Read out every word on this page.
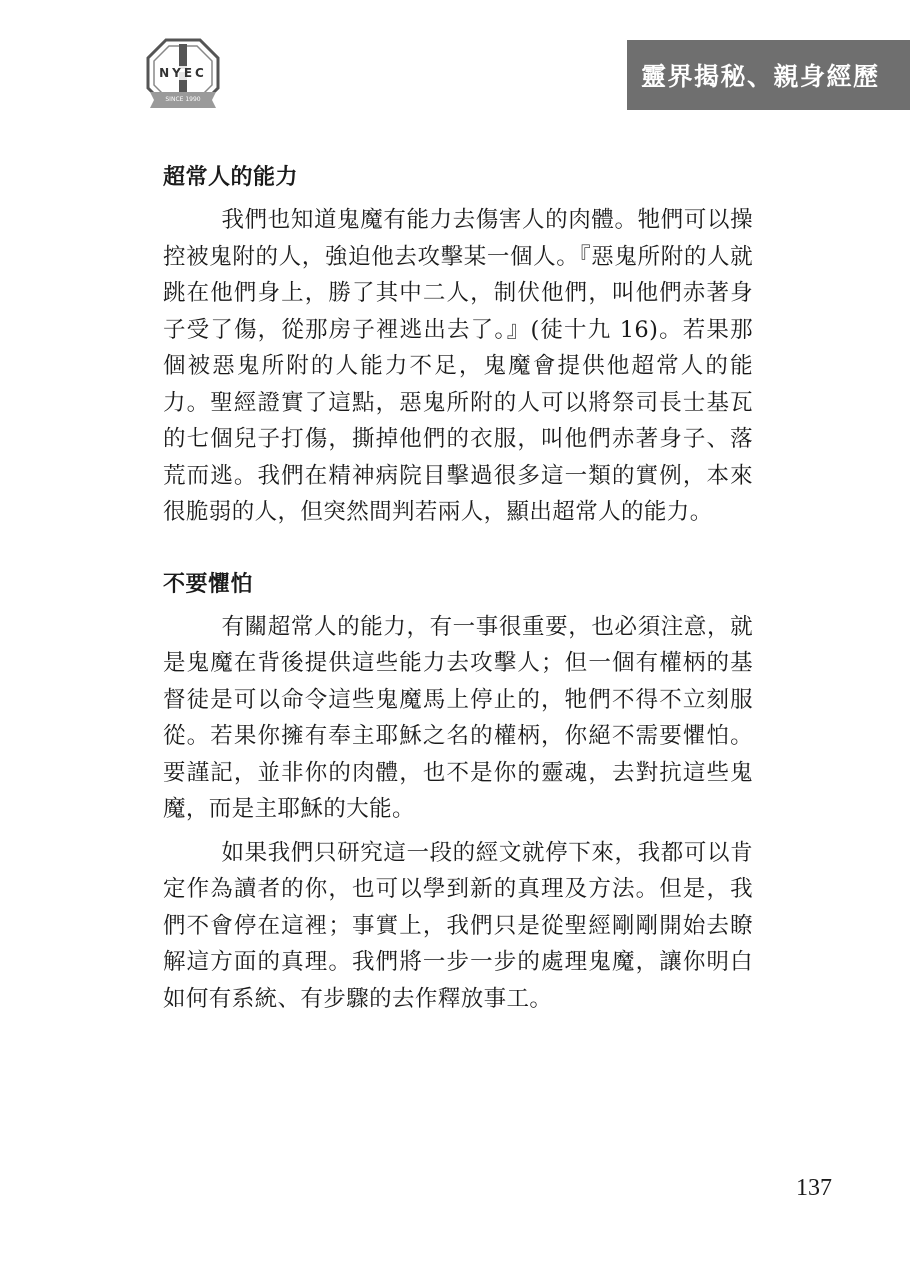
NYEC
SINCE 1990
靈界揭秘、親身經歷
超常人的能力

我們也知道鬼魔有能力去傷害人的肉體。牠們可以操控被鬼附的人，強迫他去攻擊某一個人。『惡鬼所附的人就跳在他們身上，勝了其中二人，制伏他們，叫他們赤著身子受了傷，從那房子裡逃出去了。』(徒十九 16)。若果那個被惡鬼所附的人能力不足，鬼魔會提供他超常人的能力。聖經證實了這點，惡鬼所附的人可以將祭司長士基瓦的七個兒子打傷，撕掉他們的衣服，叫他們赤著身子、落荒而逃。我們在精神病院目擊過很多這一類的實例，本來很脆弱的人，但突然間判若兩人，顯出超常人的能力。

不要懼怕

有關超常人的能力，有一事很重要，也必須注意，就是鬼魔在背後提供這些能力去攻擊人；但一個有權柄的基督徒是可以命令這些鬼魔馬上停止的，牠們不得不立刻服從。若果你擁有奉主耶穌之名的權柄，你絕不需要懼怕。要謹記，並非你的肉體，也不是你的靈魂，去對抗這些鬼魔，而是主耶穌的大能。

如果我們只研究這一段的經文就停下來，我都可以肯定作為讀者的你，也可以學到新的真理及方法。但是，我們不會停在這裡；事實上，我們只是從聖經剛剛開始去瞭解這方面的真理。我們將一步一步的處理鬼魔，讓你明白如何有系統、有步驟的去作釋放事工。

137
